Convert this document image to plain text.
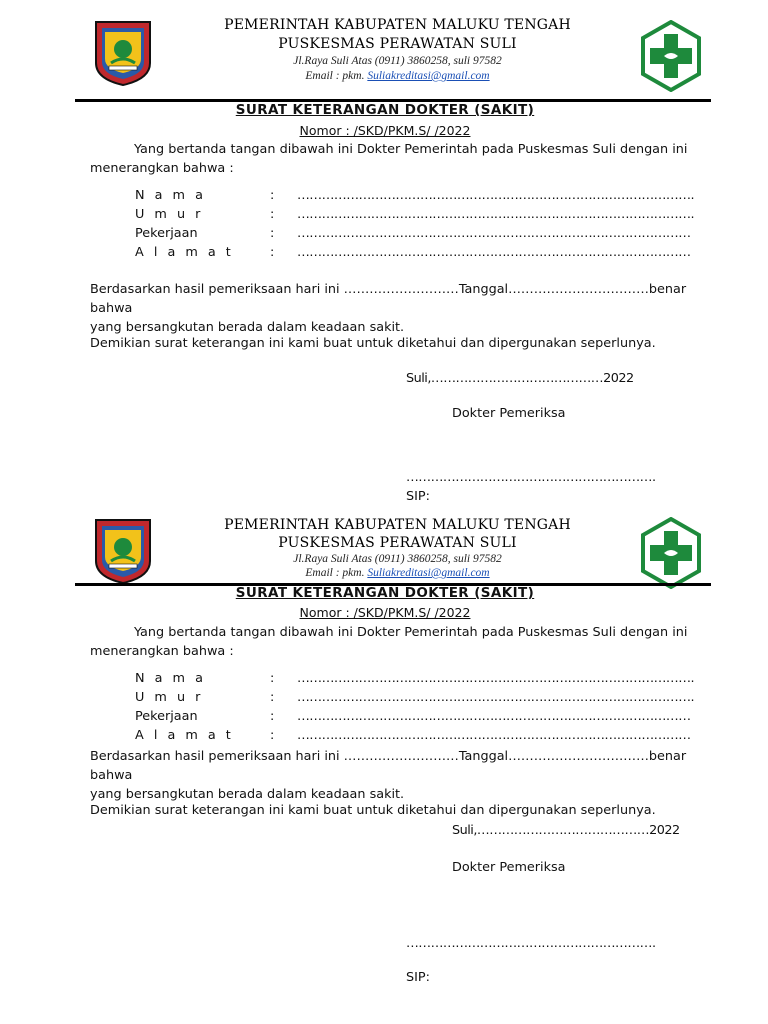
PEMERINTAH KABUPATEN MALUKU TENGAH
PUSKESMAS PERAWATAN SULI
Jl.Raya Suli Atas (0911) 3860258, suli 97582
Email : pkm. Suliakreditasi@gmail.com
SURAT KETERANGAN DOKTER (SAKIT)
Nomor : /SKD/PKM.S/ /2022
Yang bertanda tangan dibawah ini Dokter Pemerintah pada Puskesmas Suli dengan ini
menerangkan bahwa :
N a m a	: …………………………………………………………………………………….
U m u r	: …………………………………………………………………………………….
Pekerjaan	: ……………………………………………………………………………………
A l a m a t	: ……………………………………………………………………………………
Berdasarkan hasil pemeriksaan hari ini ………………………Tanggal……………………………benar bahwa
yang bersangkutan berada dalam keadaan sakit.
Demikian surat keterangan ini kami buat untuk diketahui dan dipergunakan seperlunya.
Suli,……………………………………2022
Dokter Pemeriksa
…………………………………………………….
SIP:
PEMERINTAH KABUPATEN MALUKU TENGAH
PUSKESMAS PERAWATAN SULI
Jl.Raya Suli Atas (0911) 3860258, suli 97582
Email : pkm. Suliakreditasi@gmail.com
SURAT KETERANGAN DOKTER (SAKIT)
Nomor : /SKD/PKM.S/ /2022
Yang bertanda tangan dibawah ini Dokter Pemerintah pada Puskesmas Suli dengan ini
menerangkan bahwa :
N a m a	: …………………………………………………………………………………….
U m u r	: …………………………………………………………………………………….
Pekerjaan	: ……………………………………………………………………………………
A l a m a t	: ……………………………………………………………………………………
Berdasarkan hasil pemeriksaan hari ini ………………………Tanggal……………………………benar bahwa
yang bersangkutan berada dalam keadaan sakit.
Demikian surat keterangan ini kami buat untuk diketahui dan dipergunakan seperlunya.
Suli,……………………………………2022
Dokter Pemeriksa
…………………………………………………….
SIP:
